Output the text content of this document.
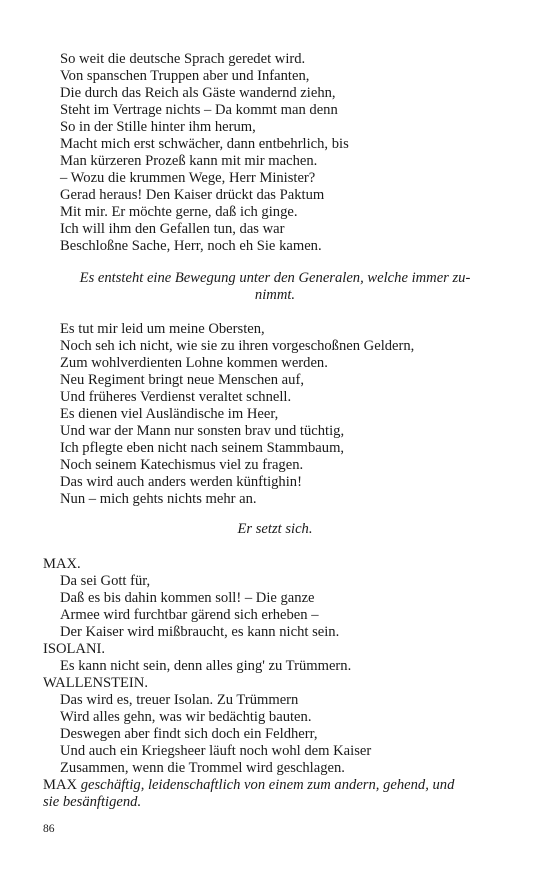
So weit die deutsche Sprach geredet wird.
Von spanschen Truppen aber und Infanten,
Die durch das Reich als Gäste wandernd ziehn,
Steht im Vertrage nichts – Da kommt man denn
So in der Stille hinter ihm herum,
Macht mich erst schwächer, dann entbehrlich, bis
Man kürzeren Prozeß kann mit mir machen.
– Wozu die krummen Wege, Herr Minister?
Gerad heraus! Den Kaiser drückt das Paktum
Mit mir. Er möchte gerne, daß ich ginge.
Ich will ihm den Gefallen tun, das war
Beschloßne Sache, Herr, noch eh Sie kamen.
Es entsteht eine Bewegung unter den Generalen, welche immer zu-
nimmt.
Es tut mir leid um meine Obersten,
Noch seh ich nicht, wie sie zu ihren vorgeschoßnen Geldern,
Zum wohlverdienten Lohne kommen werden.
Neu Regiment bringt neue Menschen auf,
Und früheres Verdienst veraltet schnell.
Es dienen viel Ausländische im Heer,
Und war der Mann nur sonsten brav und tüchtig,
Ich pflegte eben nicht nach seinem Stammbaum,
Noch seinem Katechismus viel zu fragen.
Das wird auch anders werden künftighin!
Nun – mich gehts nichts mehr an.
Er setzt sich.
MAX.
Da sei Gott für,
Daß es bis dahin kommen soll! – Die ganze
Armee wird furchtbar gärend sich erheben –
Der Kaiser wird mißbraucht, es kann nicht sein.
ISOLANI.
Es kann nicht sein, denn alles ging' zu Trümmern.
WALLENSTEIN.
Das wird es, treuer Isolan. Zu Trümmern
Wird alles gehn, was wir bedächtig bauten.
Deswegen aber findt sich doch ein Feldherr,
Und auch ein Kriegsheer läuft noch wohl dem Kaiser
Zusammen, wenn die Trommel wird geschlagen.
MAX geschäftig, leidenschaftlich von einem zum andern, gehend, und
sie besänftigend.
86
